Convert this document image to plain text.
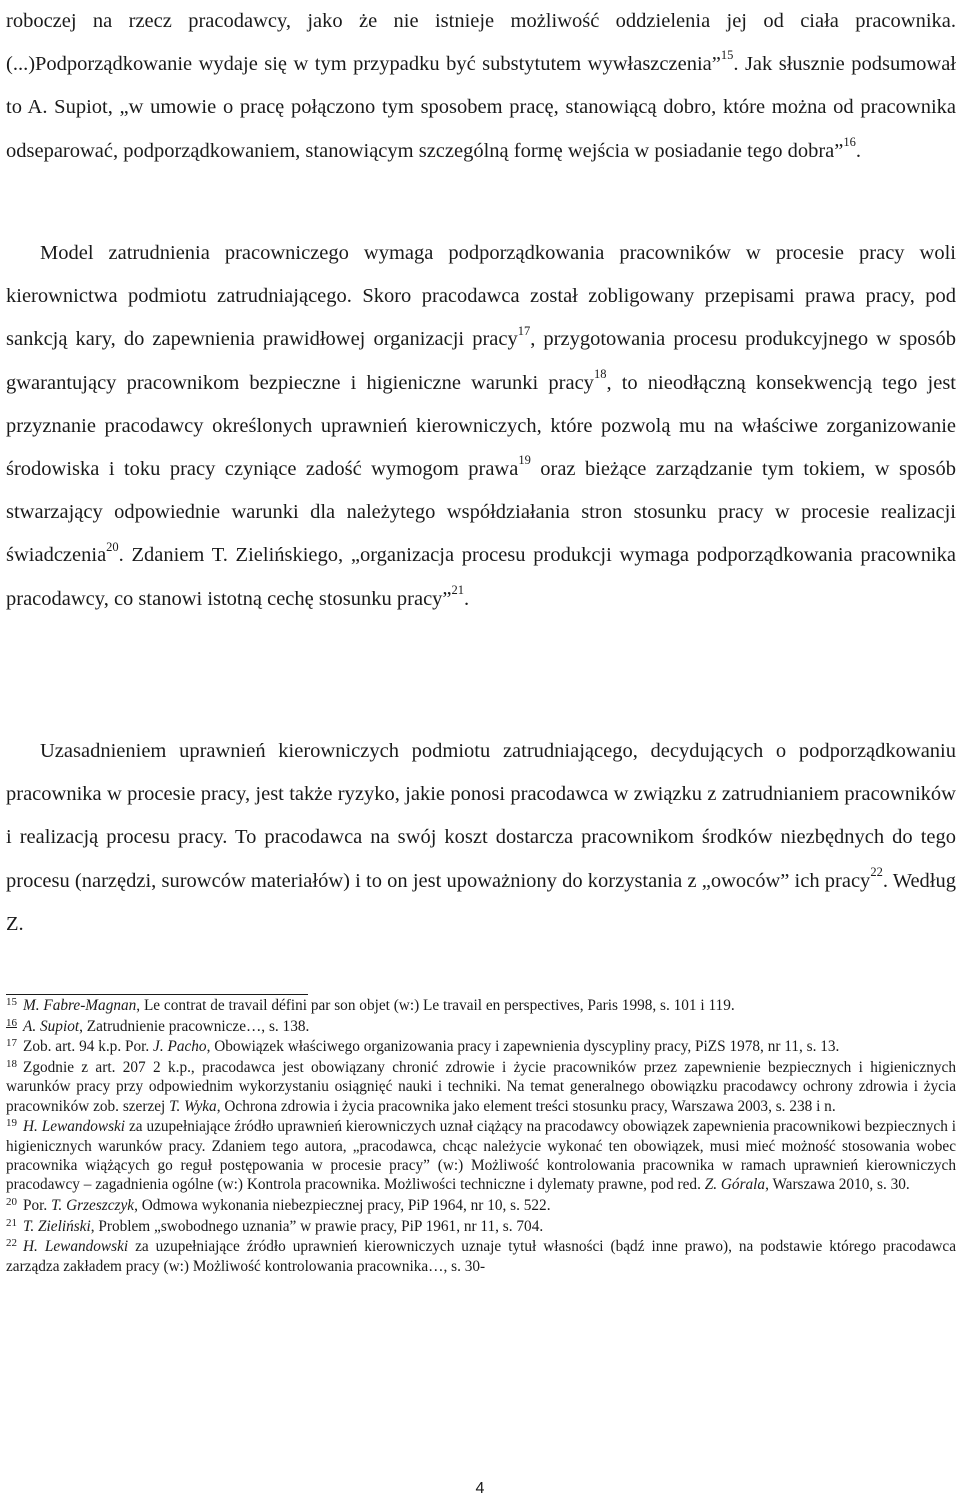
roboczej na rzecz pracodawcy, jako że nie istnieje możliwość oddzielenia jej od ciała pracownika. (...)Podporządkowanie wydaje się w tym przypadku być substytutem wywłaszczenia”$^{15}$. Jak słusznie podsumował to A. Supiot, „w umowie o pracę połączono tym sposobem pracę, stanowiącą dobro, które można od pracownika odseparować, podporządkowaniem, stanowiącym szczególną formę wejścia w posiadanie tego dobra”$^{16}$.

Model zatrudnienia pracowniczego wymaga podporządkowania pracowników w procesie pracy woli kierownictwa podmiotu zatrudniającego. Skoro pracodawca został zobligowany przepisami prawa pracy, pod sankcją kary, do zapewnienia prawidłowej organizacji pracy$^{17}$, przygotowania procesu produkcyjnego w sposób gwarantujący pracownikom bezpieczne i higieniczne warunki pracy$^{18}$, to nieodłączną konsekwencją tego jest przyznanie pracodawcy określonych uprawnień kierowniczych, które pozwolą mu na właściwe zorganizowanie środowiska i toku pracy czyniące zadość wymogom prawa$^{19}$ oraz bieżące zarządzanie tym tokiem, w sposób stwarzający odpowiednie warunki dla należytego współdziałania stron stosunku pracy w procesie realizacji świadczenia$^{20}$. Zdaniem T. Zielińskiego, „organizacja procesu produkcji wymaga podporządkowania pracownika pracodawcy, co stanowi istotną cechę stosunku pracy”$^{21}$.

Uzasadnieniem uprawnień kierowniczych podmiotu zatrudniającego, decydujących o podporządkowaniu pracownika w procesie pracy, jest także ryzyko, jakie ponosi pracodawca w związku z zatrudnianiem pracowników i realizacją procesu pracy. To pracodawca na swój koszt dostarcza pracownikom środków niezbędnych do tego procesu (narzędzi, surowców materiałów) i to on jest upoważniony do korzystania z „owoców” ich pracy$^{22}$. Według Z.

$^{15}$ M. Fabre-Magnan, Le contrat de travail défini par son objet (w:) Le travail en perspectives, Paris 1998, s. 101 i 119.

$^{16}$ A. Supiot, Zatrudnienie pracownicze…, s. 138.

$^{17}$ Zob. art. 94 k.p. Por. J. Pacho, Obowiązek właściwego organizowania pracy i zapewnienia dyscypliny pracy, PiZS 1978, nr 11, s. 13.

$^{18}$ Zgodnie z art. 207 2 k.p., pracodawca jest obowiązany chronić zdrowie i życie pracowników przez zapewnienie bezpiecznych i higienicznych warunków pracy przy odpowiednim wykorzystaniu osiągnięć nauki i techniki. Na temat generalnego obowiązku pracodawcy ochrony zdrowia i życia pracowników zob. szerzej T. Wyka, Ochrona zdrowia i życia pracownika jako element treści stosunku pracy, Warszawa 2003, s. 238 i n.

$^{19}$ H. Lewandowski za uzupełniające źródło uprawnień kierowniczych uznał ciążący na pracodawcy obowiązek zapewnienia pracownikowi bezpiecznych i higienicznych warunków pracy. Zdaniem tego autora, „pracodawca, chcąc należycie wykonać ten obowiązek, musi mieć możność stosowania wobec pracownika wiążących go reguł postępowania w procesie pracy” (w:) Możliwość kontrolowania pracownika w ramach uprawnień kierowniczych pracodawcy – zagadnienia ogólne (w:) Kontrola pracownika. Możliwości techniczne i dylematy prawne, pod red. Z. Górala, Warszawa 2010, s. 30.

$^{20}$ Por. T. Grzeszczyk, Odmowa wykonania niebezpiecznej pracy, PiP 1964, nr 10, s. 522.

$^{21}$ T. Zieliński, Problem „swobodnego uznania” w prawie pracy, PiP 1961, nr 11, s. 704.

$^{22}$ H. Lewandowski za uzupełniające źródło uprawnień kierowniczych uznaje tytuł własności (bądź inne prawo), na podstawie którego pracodawca zarządza zakładem pracy (w:) Możliwość kontrolowania pracownika…, s. 30-

4
